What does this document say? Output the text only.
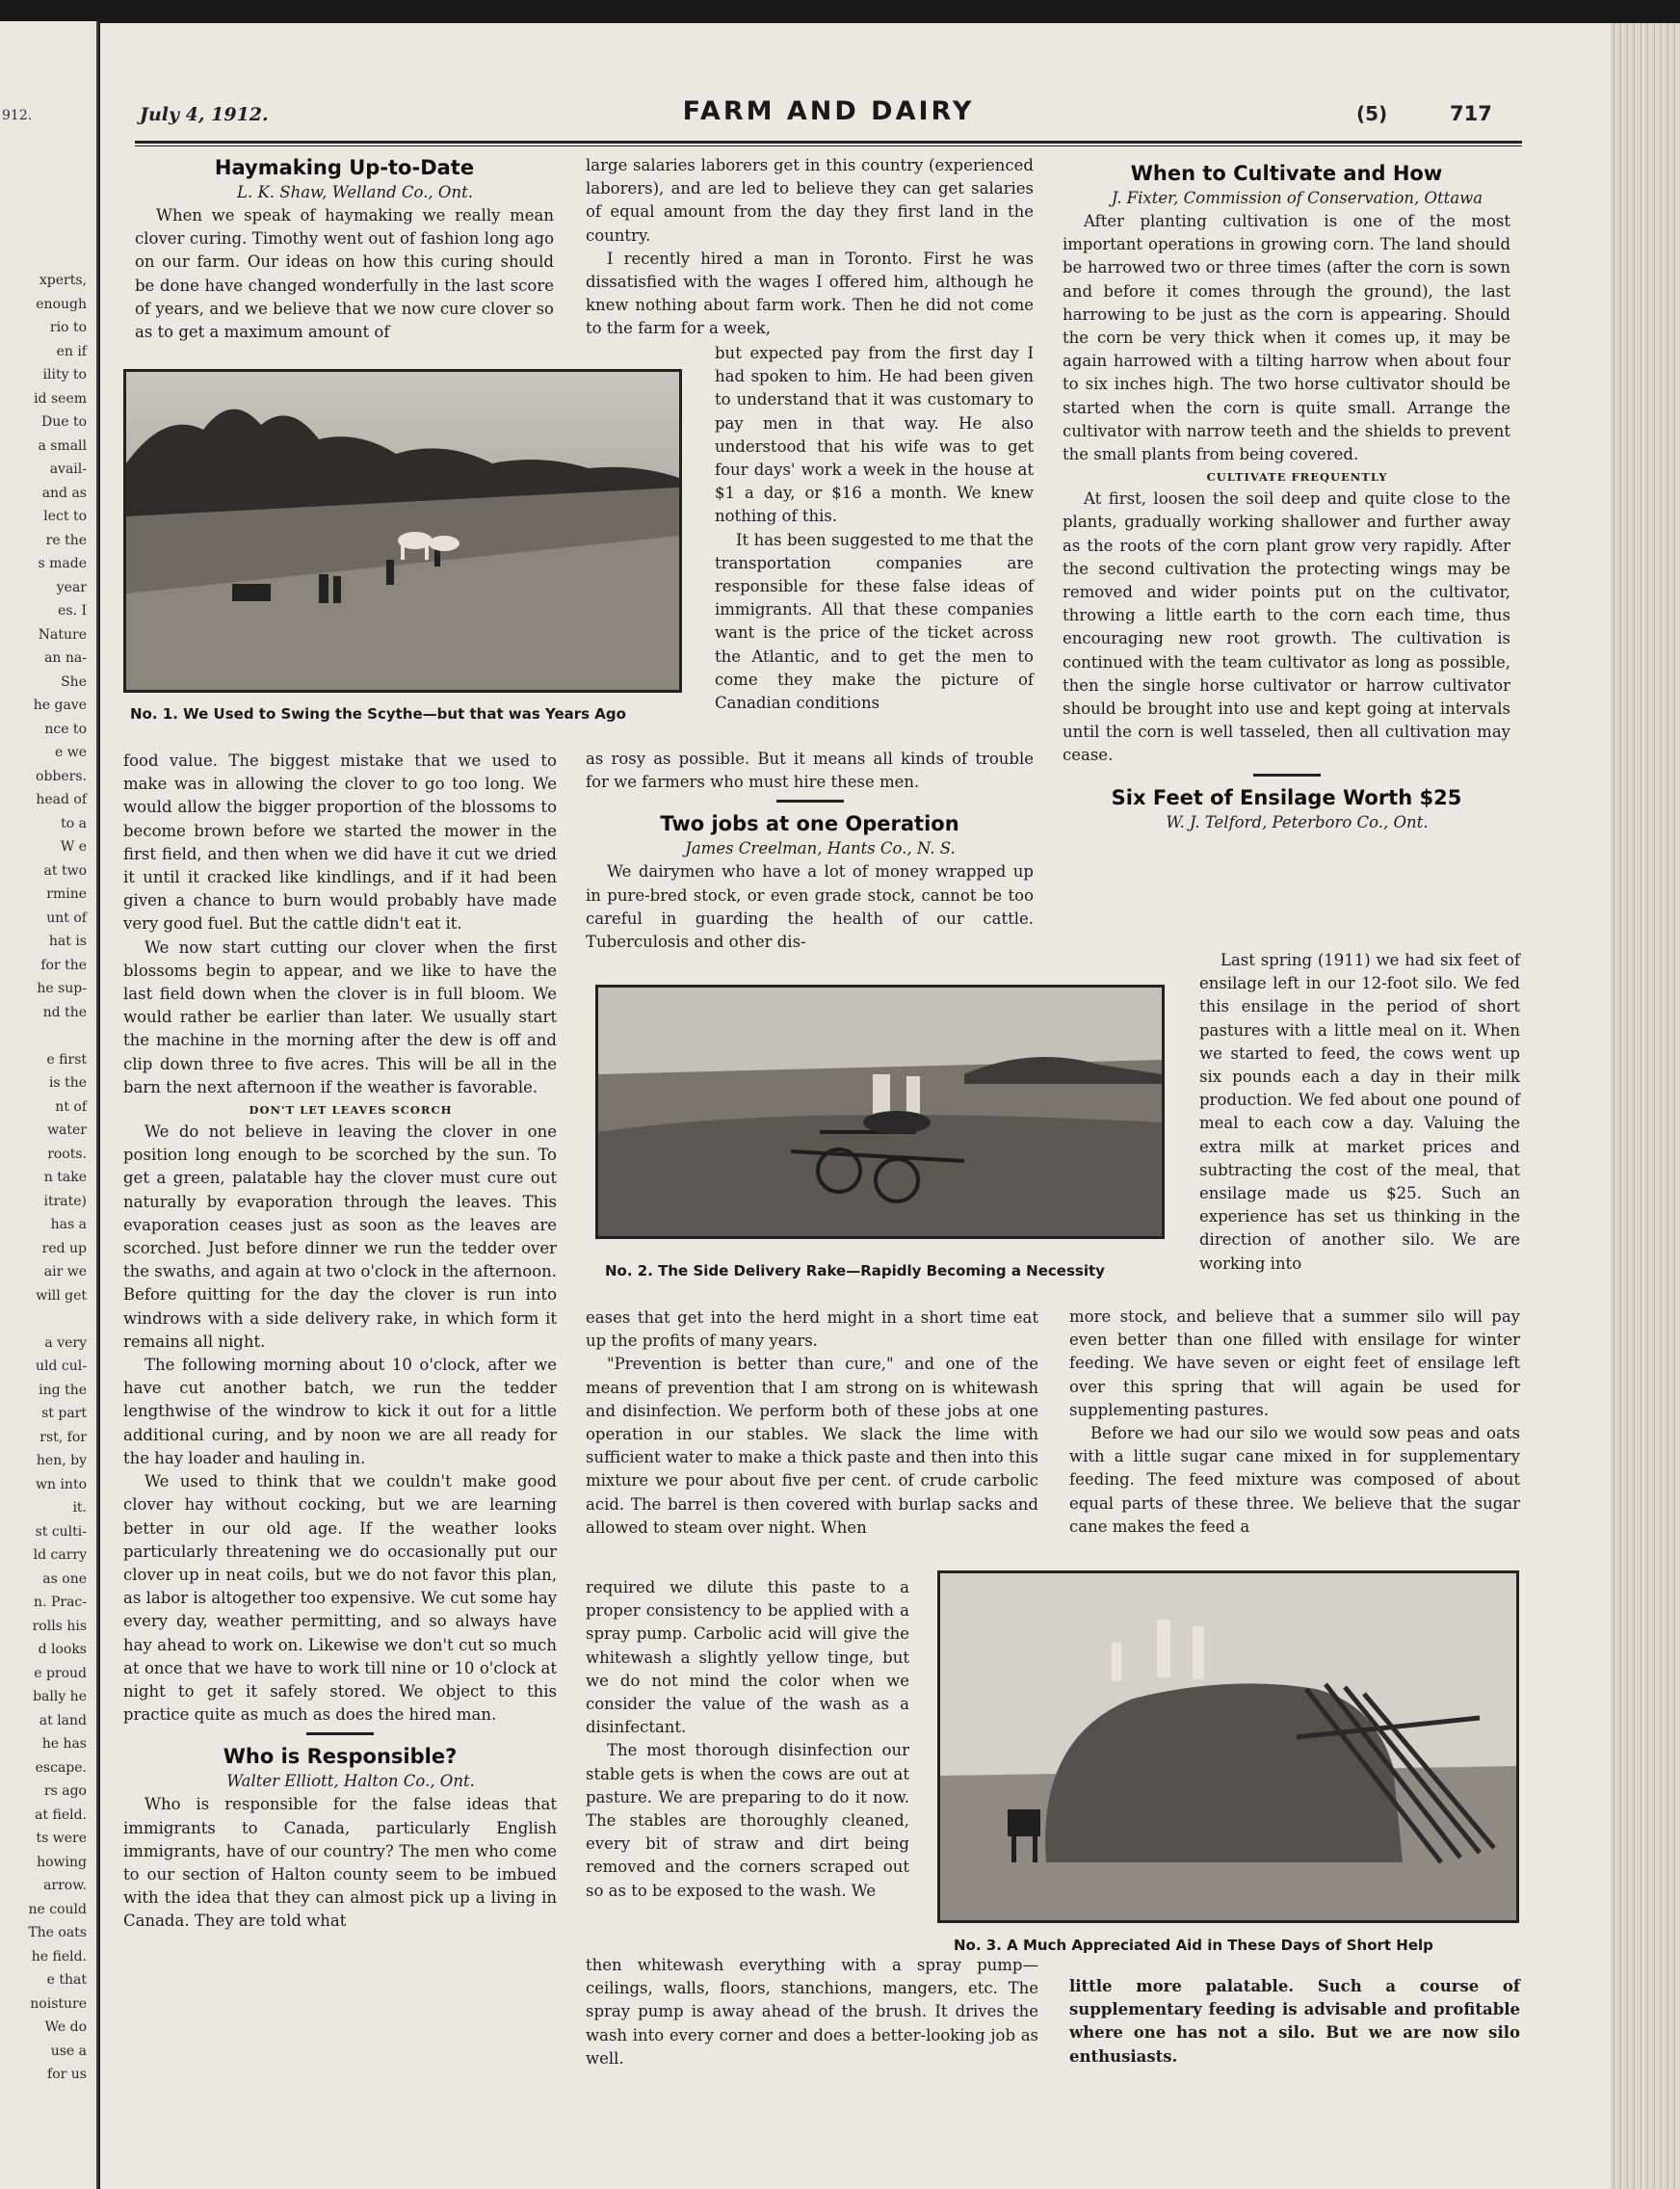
912.

xperts,
enough
rio to
en if
ility to
id seem
Due to
a small
avail-
and as
lect to
re the
s made
year
es. I
Nature
an na-
She
he gave
nce to
e we
obbers.
head of
to a
W e
at two
rmine
unt of
hat is
for the
he sup-
nd the

e first
is the
nt of
water
roots.
n take
itrate)
has a
red up
air we
will get

a very
uld cul-
ing the
st part
rst, for
hen, by
wn into
it.
st culti-
ld carry
as one
n. Prac-
rolls his
d looks
e proud
bally he
at land
he has
escape.
rs ago
at field.
ts were
howing
arrow.
ne could
The oats
he field.
e that
noisture
We do
use a
for us
July 4, 1912.	FARM AND DAIRY	(5)	717
Haymaking Up-to-Date

L. K. Shaw, Welland Co., Ont.

When we speak of haymaking we really mean clover curing. Timothy went out of fashion long ago on our farm. Our ideas on how this curing should be done have changed wonderfully in the last score of years, and we believe that we now cure clover so as to get a maximum amount of

No. 1. We Used to Swing the Scythe—but that was Years Ago

food value. The biggest mistake that we used to make was in allowing the clover to go too long. We would allow the bigger proportion of the blossoms to become brown before we started the mower in the first field, and then when we did have it cut we dried it until it cracked like kindlings, and if it had been given a chance to burn would probably have made very good fuel. But the cattle didn't eat it.

We now start cutting our clover when the first blossoms begin to appear, and we like to have the last field down when the clover is in full bloom. We would rather be earlier than later. We usually start the machine in the morning after the dew is off and clip down three to five acres. This will be all in the barn the next afternoon if the weather is favorable.

DON'T LET LEAVES SCORCH

We do not believe in leaving the clover in one position long enough to be scorched by the sun. To get a green, palatable hay the clover must cure out naturally by evaporation through the leaves. This evaporation ceases just as soon as the leaves are scorched. Just before dinner we run the tedder over the swaths, and again at two o'clock in the afternoon. Before quitting for the day the clover is run into windrows with a side delivery rake, in which form it remains all night.

The following morning about 10 o'clock, after we have cut another batch, we run the tedder lengthwise of the windrow to kick it out for a little additional curing, and by noon we are all ready for the hay loader and hauling in.

We used to think that we couldn't make good clover hay without cocking, but we are learning better in our old age. If the weather looks particularly threatening we do occasionally put our clover up in neat coils, but we do not favor this plan, as labor is altogether too expensive. We cut some hay every day, weather permitting, and so always have hay ahead to work on. Likewise we don't cut so much at once that we have to work till nine or 10 o'clock at night to get it safely stored. We object to this practice quite as much as does the hired man.

Who is Responsible?

Walter Elliott, Halton Co., Ont.

Who is responsible for the false ideas that immigrants to Canada, particularly English immigrants, have of our country? The men who come to our section of Halton county seem to be imbued with the idea that they can almost pick up a living in Canada. They are told what

large salaries laborers get in this country (experienced laborers), and are led to believe they can get salaries of equal amount from the day they first land in the country.

I recently hired a man in Toronto. First he was dissatisfied with the wages I offered him, although he knew nothing about farm work. Then he did not come to the farm for a week,

but expected pay from the first day I had spoken to him. He had been given to understand that it was customary to pay men in that way. He also understood that his wife was to get four days' work a week in the house at $1 a day, or $16 a month. We knew nothing of this.

It has been suggested to me that the transportation companies are responsible for these false ideas of immigrants. All that these companies want is the price of the ticket across the Atlantic, and to get the men to come they make the picture of Canadian conditions

as rosy as possible. But it means all kinds of trouble for we farmers who must hire these men.

Two jobs at one Operation

James Creelman, Hants Co., N. S.

We dairymen who have a lot of money wrapped up in pure-bred stock, or even grade stock, cannot be too careful in guarding the health of our cattle. Tuberculosis and other dis-

No. 2. The Side Delivery Rake—Rapidly Becoming a Necessity

eases that get into the herd might in a short time eat up the profits of many years.

"Prevention is better than cure," and one of the means of prevention that I am strong on is whitewash and disinfection. We perform both of these jobs at one operation in our stables. We slack the lime with sufficient water to make a thick paste and then into this mixture we pour about five per cent. of crude carbolic acid. The barrel is then covered with burlap sacks and allowed to steam over night. When

required we dilute this paste to a proper consistency to be applied with a spray pump. Carbolic acid will give the whitewash a slightly yellow tinge, but we do not mind the color when we consider the value of the wash as a disinfectant.

The most thorough disinfection our stable gets is when the cows are out at pasture. We are preparing to do it now. The stables are thoroughly cleaned, every bit of straw and dirt being removed and the corners scraped out so as to be exposed to the wash. We

then whitewash everything with a spray pump—ceilings, walls, floors, stanchions, mangers, etc. The spray pump is away ahead of the brush. It drives the wash into every corner and does a better-looking job as well.

When to Cultivate and How

J. Fixter, Commission of Conservation, Ottawa

After planting cultivation is one of the most important operations in growing corn. The land should be harrowed two or three times (after the corn is sown and before it comes through the ground), the last harrowing to be just as the corn is appearing. Should the corn be very thick when it comes up, it may be again harrowed with a tilting harrow when about four to six inches high. The two horse cultivator should be started when the corn is quite small. Arrange the cultivator with narrow teeth and the shields to prevent the small plants from being covered.

CULTIVATE FREQUENTLY

At first, loosen the soil deep and quite close to the plants, gradually working shallower and further away as the roots of the corn plant grow very rapidly. After the second cultivation the protecting wings may be removed and wider points put on the cultivator, throwing a little earth to the corn each time, thus encouraging new root growth. The cultivation is continued with the team cultivator as long as possible, then the single horse cultivator or harrow cultivator should be brought into use and kept going at intervals until the corn is well tasseled, then all cultivation may cease.

Six Feet of Ensilage Worth $25

W. J. Telford, Peterboro Co., Ont.

Last spring (1911) we had six feet of ensilage left in our 12-foot silo. We fed this ensilage in the period of short pastures with a little meal on it. When we started to feed, the cows went up six pounds each a day in their milk production. We fed about one pound of meal to each cow a day. Valuing the extra milk at market prices and subtracting the cost of the meal, that ensilage made us $25. Such an experience has set us thinking in the direction of another silo. We are working into

more stock, and believe that a summer silo will pay even better than one filled with ensilage for winter feeding. We have seven or eight feet of ensilage left over this spring that will again be used for supplementing pastures.

Before we had our silo we would sow peas and oats with a little sugar cane mixed in for supplementary feeding. The feed mixture was composed of about equal parts of these three. We believe that the sugar cane makes the feed a

No. 3. A Much Appreciated Aid in These Days of Short Help

little more palatable. Such a course of supplementary feeding is advisable and profitable where one has not a silo. But we are now silo enthusiasts.
